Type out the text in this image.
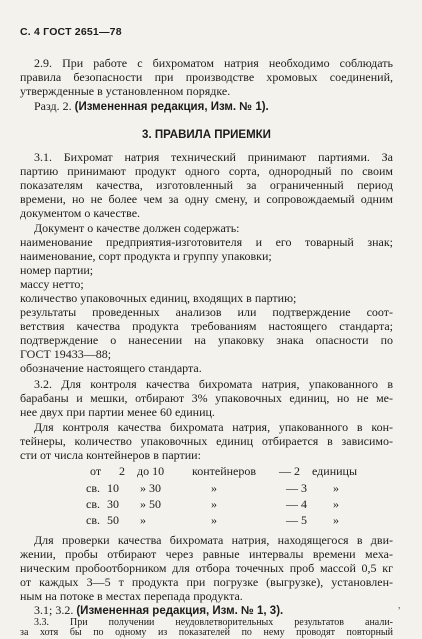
С. 4 ГОСТ 2651—78
2.9. При работе с бихроматом натрия необходимо соблюдать
правила безопасности при производстве хромовых соединений,
утвержденные в установленном порядке.
Разд. 2. (Измененная редакция, Изм. № 1).
3. ПРАВИЛА ПРИЕМКИ
3.1. Бихромат натрия технический принимают партиями. За
партию принимают продукт одного сорта, однородный по своим
показателям качества, изготовленный за ограниченный период
времени, но не более чем за одну смену, и сопровождаемый одним
документом о качестве.
Документ о качестве должен содержать:
наименование предприятия-изготовителя и его товарный знак;
наименование, сорт продукта и группу упаковки;
номер партии;
массу нетто;
количество упаковочных единиц, входящих в партию;
результаты проведенных анализов или подтверждение соот-
ветствия качества продукта требованиям настоящего стандарта;
подтверждение о нанесении на упаковку знака опасности по
ГОСТ 19433—88;
обозначение настоящего стандарта.
3.2. Для контроля качества бихромата натрия, упакованного в
барабаны и мешки, отбирают 3% упаковочных единиц, но не ме-
нее двух при партии менее 60 единиц.
Для контроля качества бихромата натрия, упакованного в кон-
тейнеры, количество упаковочных единиц отбирается в зависимо-
сти от числа контейнеров в партии:
от 2 до 10 контейнеров — 2 единицы
св. 10 » 30	»	— 3 »
св. 30 » 50	»	— 4 »
св. 50 »	»	— 5 »
Для проверки качества бихромата натрия, находящегося в дви-
жении, пробы отбирают через равные интервалы времени меха-
ническим пробоотборником для отбора точечных проб массой 0,5 кг
от каждых 3—5 т продукта при погрузке (выгрузке), установлен-
ным на потоке в местах перепада продукта.
3.1; 3.2. (Измененная редакция, Изм. № 1, 3).
3.3. При получении неудовлетворительных результатов анали-
за хотя бы по одному из показателей по нему проводят повторный
,
